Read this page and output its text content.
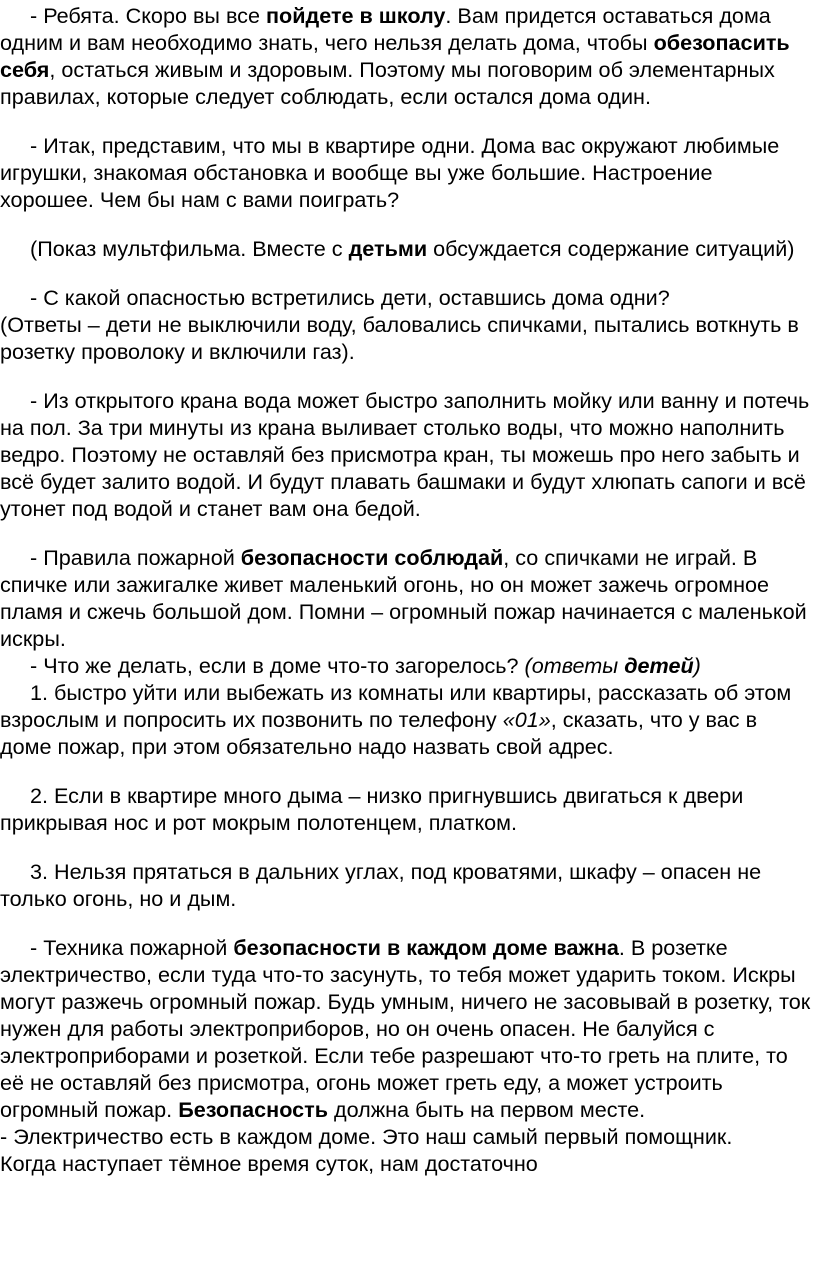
- Ребята. Скоро вы все пойдете в школу. Вам придется оставаться дома одним и вам необходимо знать, чего нельзя делать дома, чтобы обезопасить себя, остаться живым и здоровым. Поэтому мы поговорим об элементарных правилах, которые следует соблюдать, если остался дома один.

- Итак, представим, что мы в квартире одни. Дома вас окружают любимые игрушки, знакомая обстановка и вообще вы уже большие. Настроение хорошее. Чем бы нам с вами поиграть?

(Показ мультфильма. Вместе с детьми обсуждается содержание ситуаций)

- С какой опасностью встретились дети, оставшись дома одни?

(Ответы – дети не выключили воду, баловались спичками, пытались воткнуть в розетку проволоку и включили газ).

- Из открытого крана вода может быстро заполнить мойку или ванну и потечь на пол. За три минуты из крана выливает столько воды, что можно наполнить ведро. Поэтому не оставляй без присмотра кран, ты можешь про него забыть и всё будет залито водой. И будут плавать башмаки и будут хлюпать сапоги и всё утонет под водой и станет вам она бедой.

- Правила пожарной безопасности соблюдай, со спичками не играй. В спичке или зажигалке живет маленький огонь, но он может зажечь огромное пламя и сжечь большой дом. Помни – огромный пожар начинается с маленькой искры.

- Что же делать, если в доме что-то загорелось? (ответы детей)

1. быстро уйти или выбежать из комнаты или квартиры, рассказать об этом взрослым и попросить их позвонить по телефону «01», сказать, что у вас в доме пожар, при этом обязательно надо назвать свой адрес.

2. Если в квартире много дыма – низко пригнувшись двигаться к двери прикрывая нос и рот мокрым полотенцем, платком.

3. Нельзя прятаться в дальних углах, под кроватями, шкафу – опасен не только огонь, но и дым.

- Техника пожарной безопасности в каждом доме важна. В розетке электричество, если туда что-то засунуть, то тебя может ударить током. Искры могут разжечь огромный пожар. Будь умным, ничего не засовывай в розетку, ток нужен для работы электроприборов, но он очень опасен. Не балуйся с электроприборами и розеткой. Если тебе разрешают что-то греть на плите, то её не оставляй без присмотра, огонь может греть еду, а может устроить огромный пожар. Безопасность должна быть на первом месте.

- Электричество есть в каждом доме. Это наш самый первый помощник.

Когда наступает тёмное время суток, нам достаточно
